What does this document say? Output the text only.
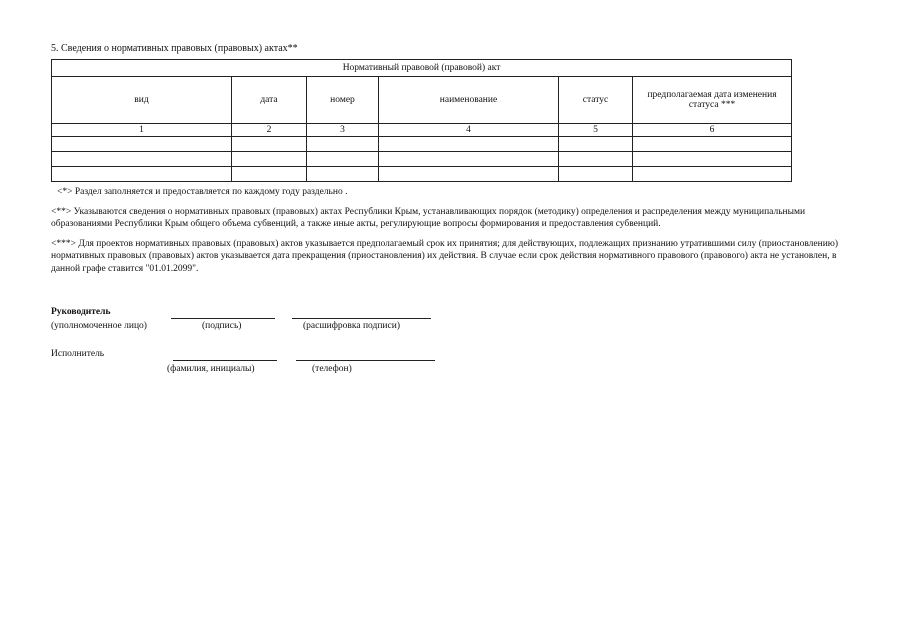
5. Сведения о нормативных правовых (правовых) актах**
Нормативный правовой (правовой) акт					
вид	дата	номер	наименование	статус	предполагаемая дата изменения статуса ***
1	2	3	4	5	6

<*> Раздел заполняется и предоставляется по каждому году раздельно .

<**> Указываются сведения о нормативных правовых (правовых) актах Республики Крым, устанавливающих порядок (методику) определения и распределения между муниципальными образованиями Республики Крым общего объема субвенций, а также иные акты, регулирующие вопросы формирования и предоставления субвенций.

<***> Для проектов нормативных правовых (правовых) актов указывается предполагаемый срок их принятия; для действующих, подлежащих признанию утратившими силу (приостановлению) нормативных правовых (правовых) актов указывается дата прекращения (приостановления) их действия. В случае если срок действия нормативного правового (правового) акта не установлен, в данной графе ставится "01.01.2099".

Руководитель
(уполномоченное лицо)	(подпись)	(расшифровка подписи)
Исполнитель
(фамилия, инициалы)	(телефон)
